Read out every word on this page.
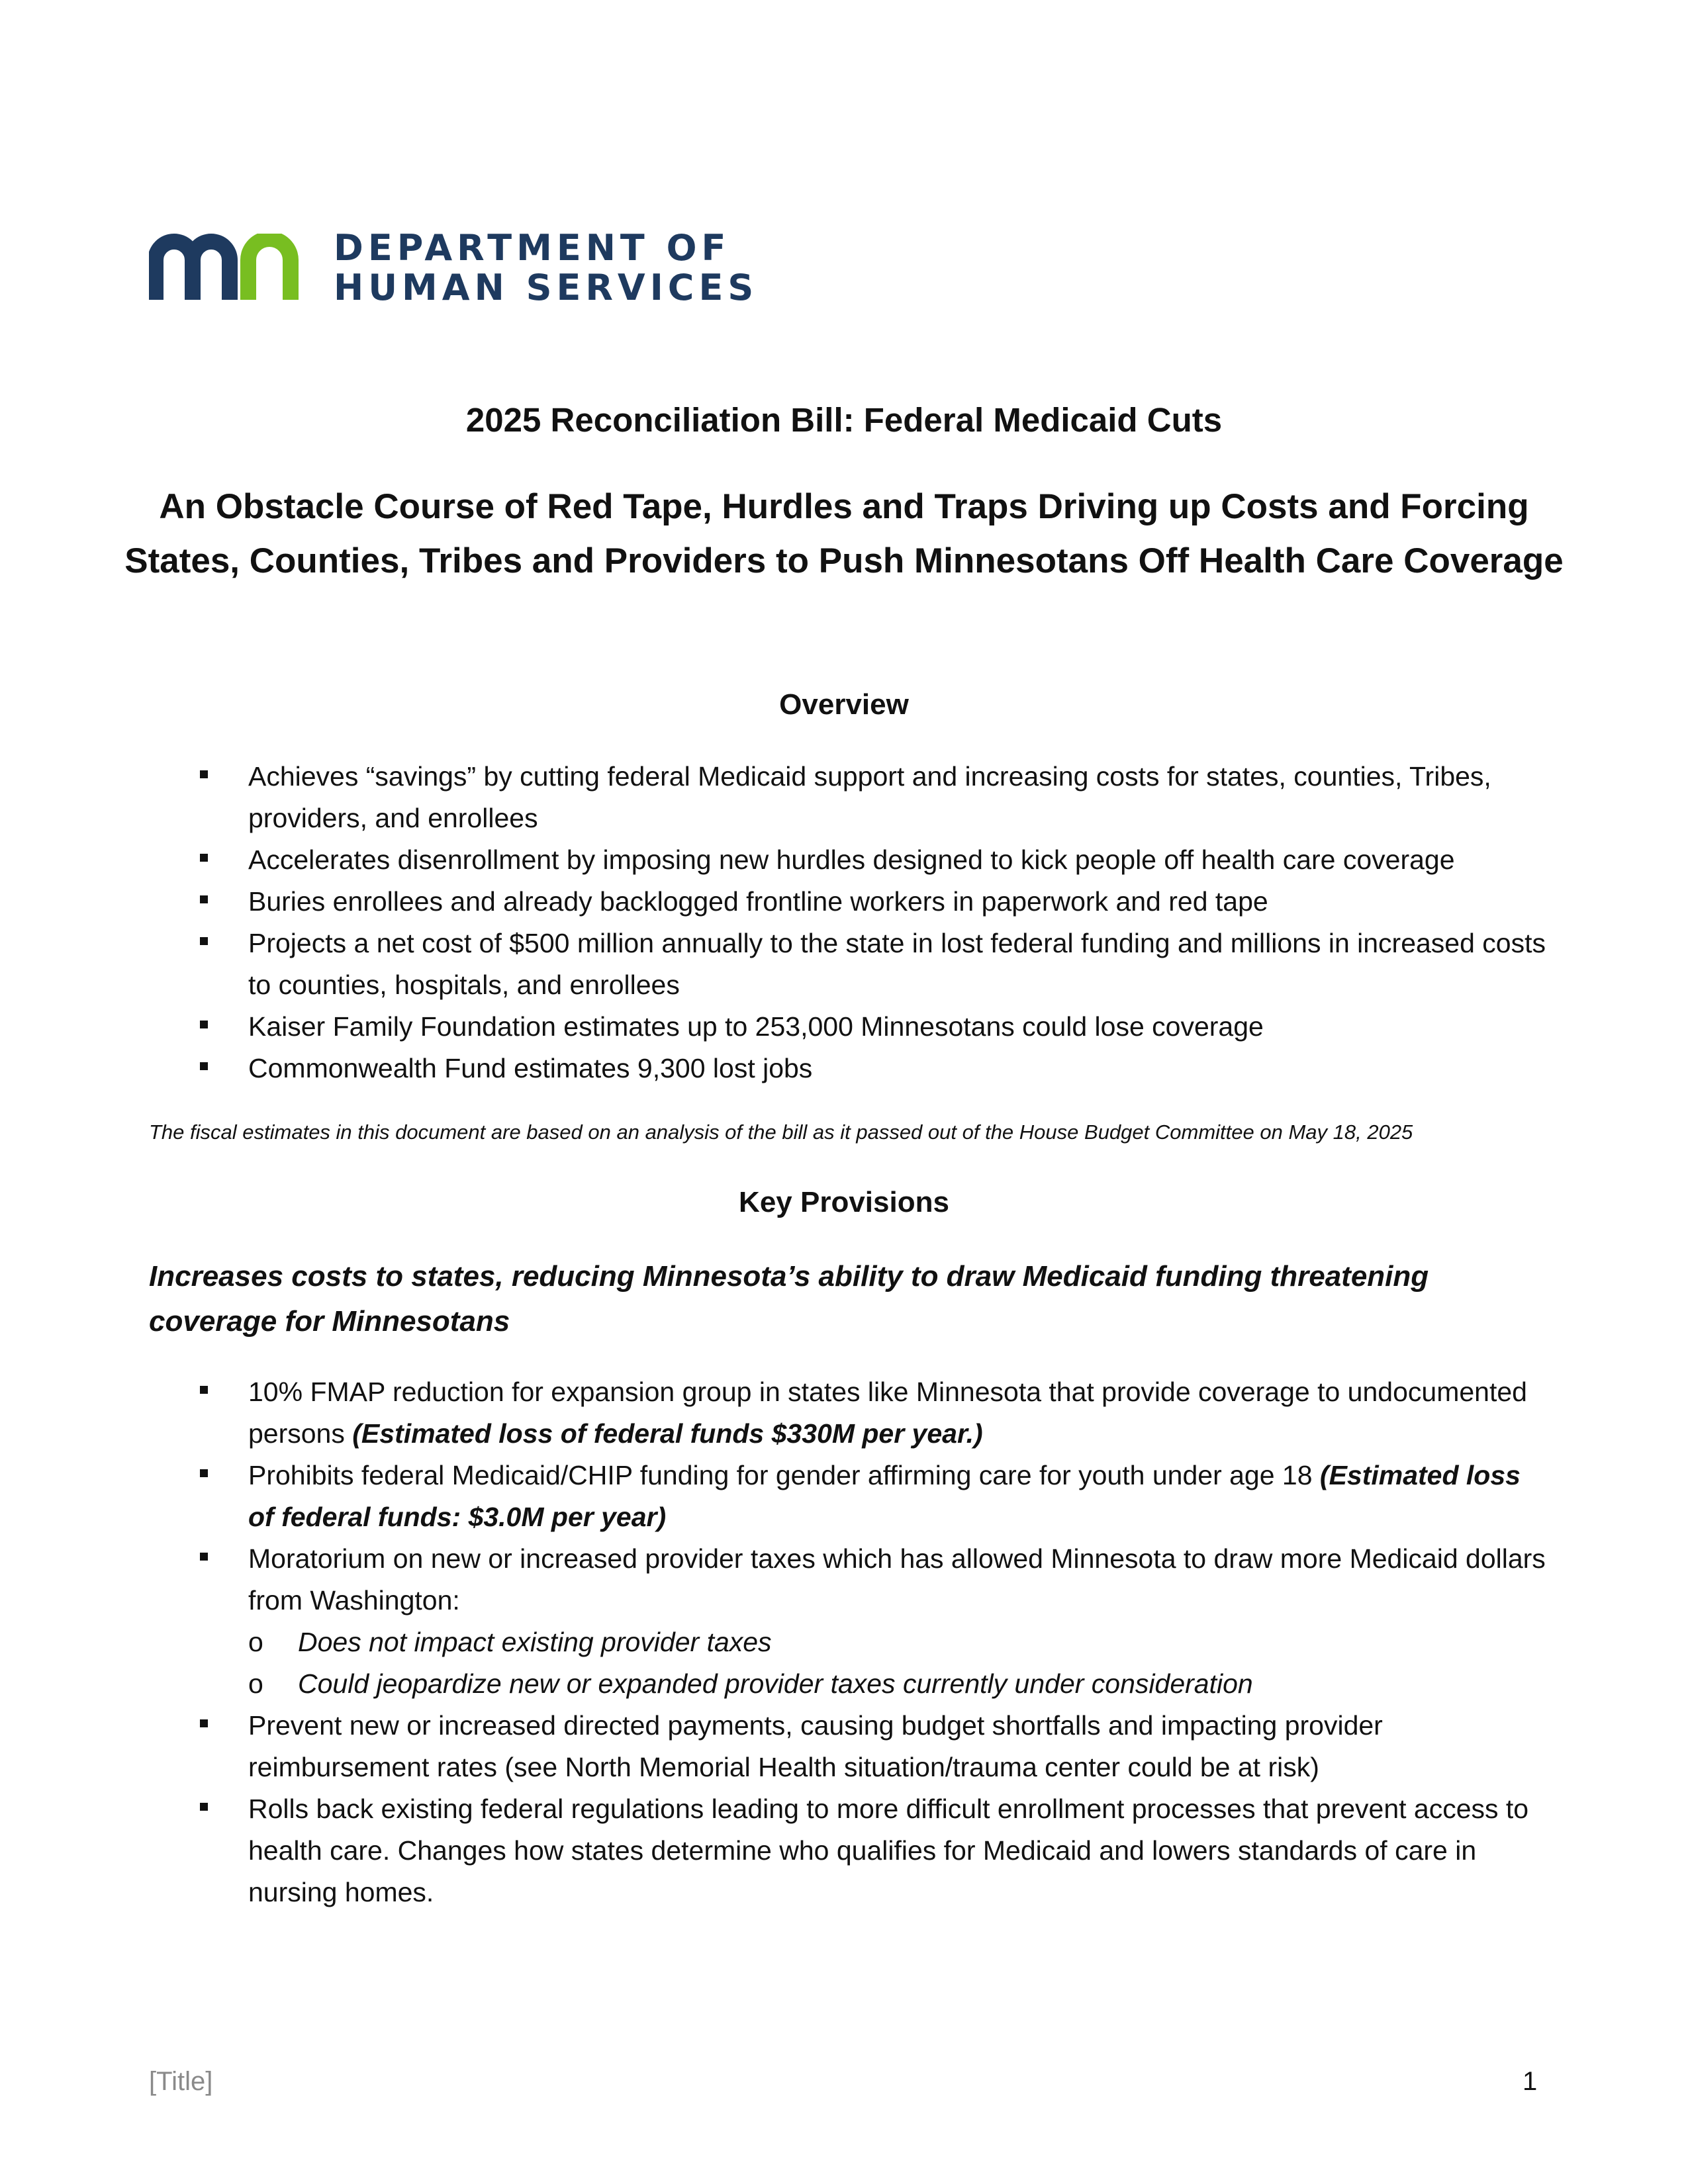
DEPARTMENT OF
HUMAN SERVICES
2025 Reconciliation Bill: Federal Medicaid Cuts
An Obstacle Course of Red Tape, Hurdles and Traps Driving up Costs and Forcing States, Counties, Tribes and Providers to Push Minnesotans Off Health Care Coverage
Overview
Achieves “savings” by cutting federal Medicaid support and increasing costs for states, counties, Tribes, providers, and enrollees
Accelerates disenrollment by imposing new hurdles designed to kick people off health care coverage
Buries enrollees and already backlogged frontline workers in paperwork and red tape
Projects a net cost of $500 million annually to the state in lost federal funding and millions in increased costs to counties, hospitals, and enrollees
Kaiser Family Foundation estimates up to 253,000 Minnesotans could lose coverage
Commonwealth Fund estimates 9,300 lost jobs

The fiscal estimates in this document are based on an analysis of the bill as it passed out of the House Budget Committee on May 18, 2025

Key Provisions
Increases costs to states, reducing Minnesota’s ability to draw Medicaid funding threatening coverage for Minnesotans
10% FMAP reduction for expansion group in states like Minnesota that provide coverage to undocumented persons (Estimated loss of federal funds $330M per year.)
Prohibits federal Medicaid/CHIP funding for gender affirming care for youth under age 18 (Estimated loss of federal funds: $3.0M per year)
Moratorium on new or increased provider taxes which has allowed Minnesota to draw more Medicaid dollars from Washington:
o Does not impact existing provider taxes
o Could jeopardize new or expanded provider taxes currently under consideration
Prevent new or increased directed payments, causing budget shortfalls and impacting provider reimbursement rates (see North Memorial Health situation/trauma center could be at risk)
Rolls back existing federal regulations leading to more difficult enrollment processes that prevent access to health care. Changes how states determine who qualifies for Medicaid and lowers standards of care in nursing homes.

[Title]	1
